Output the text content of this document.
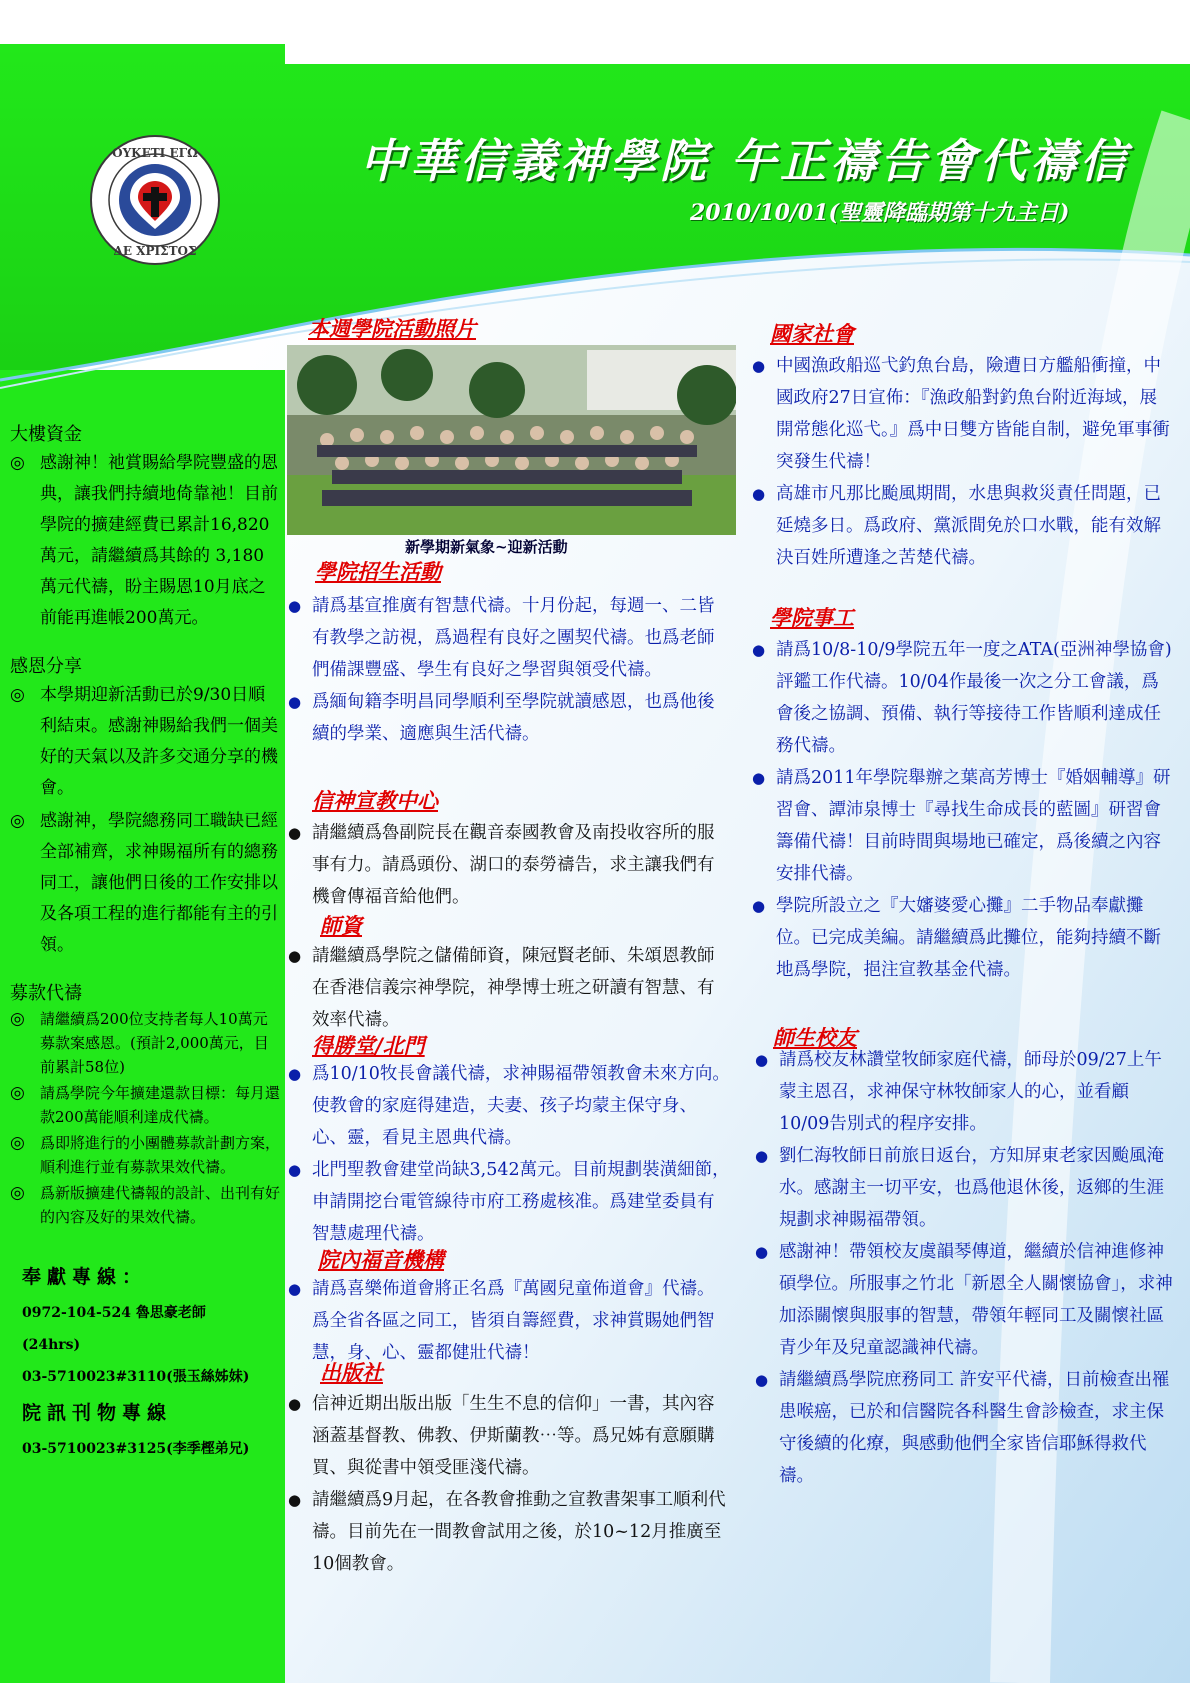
OYKETI EΓΩ
ΔΕ ΧΡΙΣΤΟΣ
中華信義神學院 午正禱告會代禱信
2010/10/01(聖靈降臨期第十九主日)
大樓資金
◎ 感謝神！祂賞賜給學院豐盛的恩典，讓我們持續地倚靠祂！目前學院的擴建經費已累計16,820萬元，請繼續爲其餘的 3,180萬元代禱，盼主賜恩10月底之前能再進帳200萬元。
感恩分享
◎ 本學期迎新活動已於9/30日順利結束。感謝神賜給我們一個美好的天氣以及許多交通分享的機會。
◎ 感謝神，學院總務同工職缺已經全部補齊，求神賜福所有的總務同工，讓他們日後的工作安排以及各項工程的進行都能有主的引領。
募款代禱
◎	請繼續爲200位支持者每人10萬元募款案感恩。(預計2,000萬元，目前累計58位)
◎	請爲學院今年擴建還款目標：每月還款200萬能順利達成代禱。
◎	爲即將進行的小團體募款計劃方案，順利進行並有募款果效代禱。
◎	爲新版擴建代禱報的設計、出刊有好的內容及好的果效代禱。
奉獻專線：
0972-104-524 魯思豪老師
(24hrs)
03-5710023#3110(張玉絲姊妹)
院訊刊物專線
03-5710023#3125(李季樫弟兄)
本週學院活動照片
新學期新氣象~迎新活動
學院招生活動
● 請爲基宣推廣有智慧代禱。十月份起，每週一、二皆有教學之訪視，爲過程有良好之團契代禱。也爲老師們備課豐盛、學生有良好之學習與領受代禱。
● 爲緬甸籍李明昌同學順利至學院就讀感恩，也爲他後續的學業、適應與生活代禱。
信神宣教中心
● 請繼續爲魯副院長在觀音泰國教會及南投收容所的服事有力。請爲頭份、湖口的泰勞禱告，求主讓我們有機會傳福音給他們。
師資
● 請繼續爲學院之儲備師資，陳冠賢老師、朱頌恩教師在香港信義宗神學院，神學博士班之研讀有智慧、有效率代禱。
得勝堂/北門
● 爲10/10牧長會議代禱，求神賜福帶領教會未來方向。使教會的家庭得建造，夫妻、孩子均蒙主保守身、心、靈，看見主恩典代禱。
● 北門聖教會建堂尚缺3,542萬元。目前規劃裝潢細節，申請開挖台電管線待市府工務處核准。爲建堂委員有智慧處理代禱。
院內福音機構
● 請爲喜樂佈道會將正名爲『萬國兒童佈道會』代禱。爲全省各區之同工，皆須自籌經費，求神賞賜她們智慧，身、心、靈都健壯代禱！
出版社
● 信神近期出版出版「生生不息的信仰」一書，其內容涵蓋基督教、佛教、伊斯蘭教⋯等。爲兄姊有意願購買、與從書中領受匪淺代禱。
● 請繼續爲9月起，在各教會推動之宣教書架事工順利代禱。目前先在一間教會試用之後，於10~12月推廣至10個教會。
國家社會
● 中國漁政船巡弋釣魚台島，險遭日方艦船衝撞，中國政府27日宣佈：『漁政船對釣魚台附近海域，展開常態化巡弋。』爲中日雙方皆能自制，避免軍事衝突發生代禱！
● 高雄市凡那比颱風期間，水患與救災責任問題，已延燒多日。爲政府、黨派間免於口水戰，能有效解決百姓所遭逢之苦楚代禱。
學院事工
● 請爲10/8-10/9學院五年一度之ATA(亞洲神學協會)評鑑工作代禱。10/04作最後一次之分工會議，爲會後之協調、預備、執行等接待工作皆順利達成任務代禱。
● 請爲2011年學院舉辦之葉高芳博士『婚姻輔導』研習會、譚沛泉博士『尋找生命成長的藍圖』研習會籌備代禱！目前時間與場地已確定，爲後續之內容安排代禱。
● 學院所設立之『大嬸婆愛心攤』二手物品奉獻攤位。已完成美編。請繼續爲此攤位，能夠持續不斷地爲學院，挹注宣教基金代禱。
師生校友
● 請爲校友林讚堂牧師家庭代禱，師母於09/27上午蒙主恩召，求神保守林牧師家人的心，並看顧10/09告別式的程序安排。
● 劉仁海牧師日前旅日返台，方知屏東老家因颱風淹水。感謝主一切平安，也爲他退休後，返鄉的生涯規劃求神賜福帶領。
● 感謝神！帶領校友虞韻琴傳道，繼續於信神進修神碩學位。所服事之竹北「新恩全人關懷協會」，求神加添關懷與服事的智慧，帶領年輕同工及關懷社區青少年及兒童認識神代禱。
● 請繼續爲學院庶務同工 許安平代禱，日前檢查出罹患喉癌，已於和信醫院各科醫生會診檢查，求主保守後續的化療，與感動他們全家皆信耶穌得救代禱。
